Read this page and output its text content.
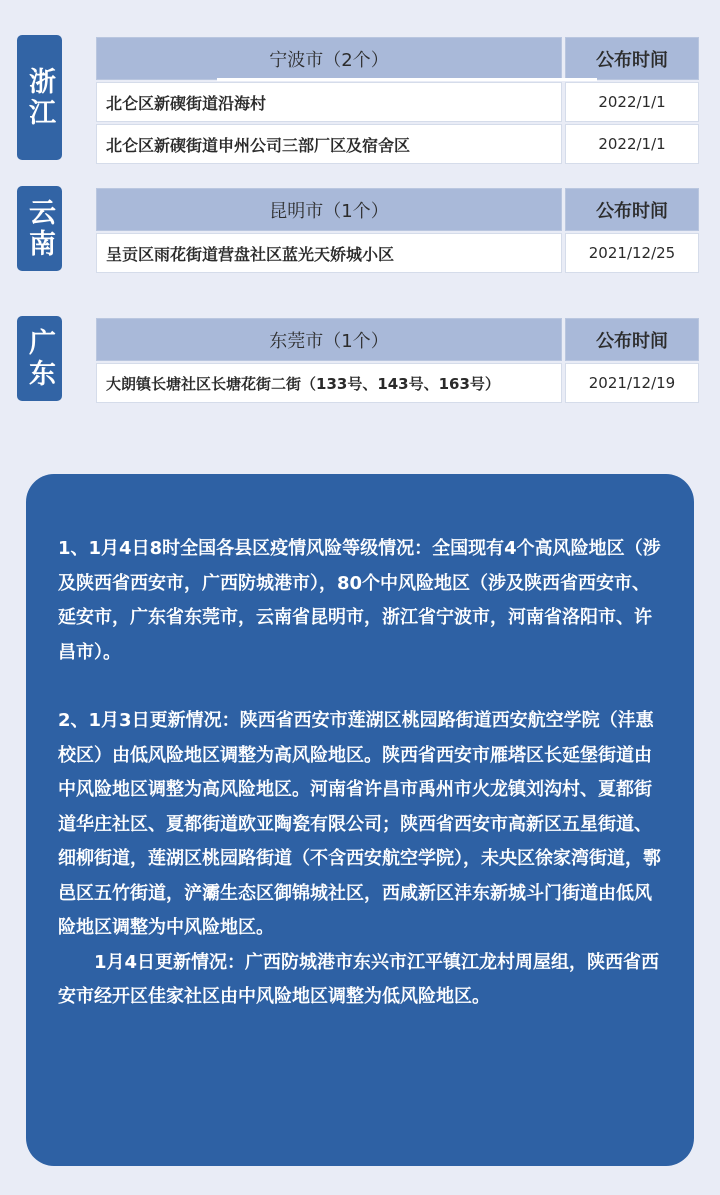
浙江
宁波市（2个）	公布时间
北仑区新碶街道沿海村	2022/1/1
北仑区新碶街道申州公司三部厂区及宿舍区	2022/1/1
云南	昆明市（1个）	公布时间
呈贡区雨花街道营盘社区蓝光天娇城小区	2021/12/25
广东	东莞市（1个）	公布时间
大朗镇长塘社区长塘花街二街（133号、143号、163号）	2021/12/19

1、1月4日8时全国各县区疫情风险等级情况：全国现有4个高风险地区（涉及陕西省西安市，广西防城港市），80个中风险地区（涉及陕西省西安市、延安市，广东省东莞市，云南省昆明市，浙江省宁波市，河南省洛阳市、许昌市）。

2、1月3日更新情况：陕西省西安市莲湖区桃园路街道西安航空学院（沣惠校区）由低风险地区调整为高风险地区。陕西省西安市雁塔区长延堡街道由中风险地区调整为高风险地区。河南省许昌市禹州市火龙镇刘沟村、夏都街道华庄社区、夏都街道欧亚陶瓷有限公司；陕西省西安市高新区五星街道、细柳街道，莲湖区桃园路街道（不含西安航空学院），未央区徐家湾街道，鄠邑区五竹街道，浐灞生态区御锦城社区，西咸新区沣东新城斗门街道由低风险地区调整为中风险地区。

1月4日更新情况：广西防城港市东兴市江平镇江龙村周屋组，陕西省西安市经开区佳家社区由中风险地区调整为低风险地区。
